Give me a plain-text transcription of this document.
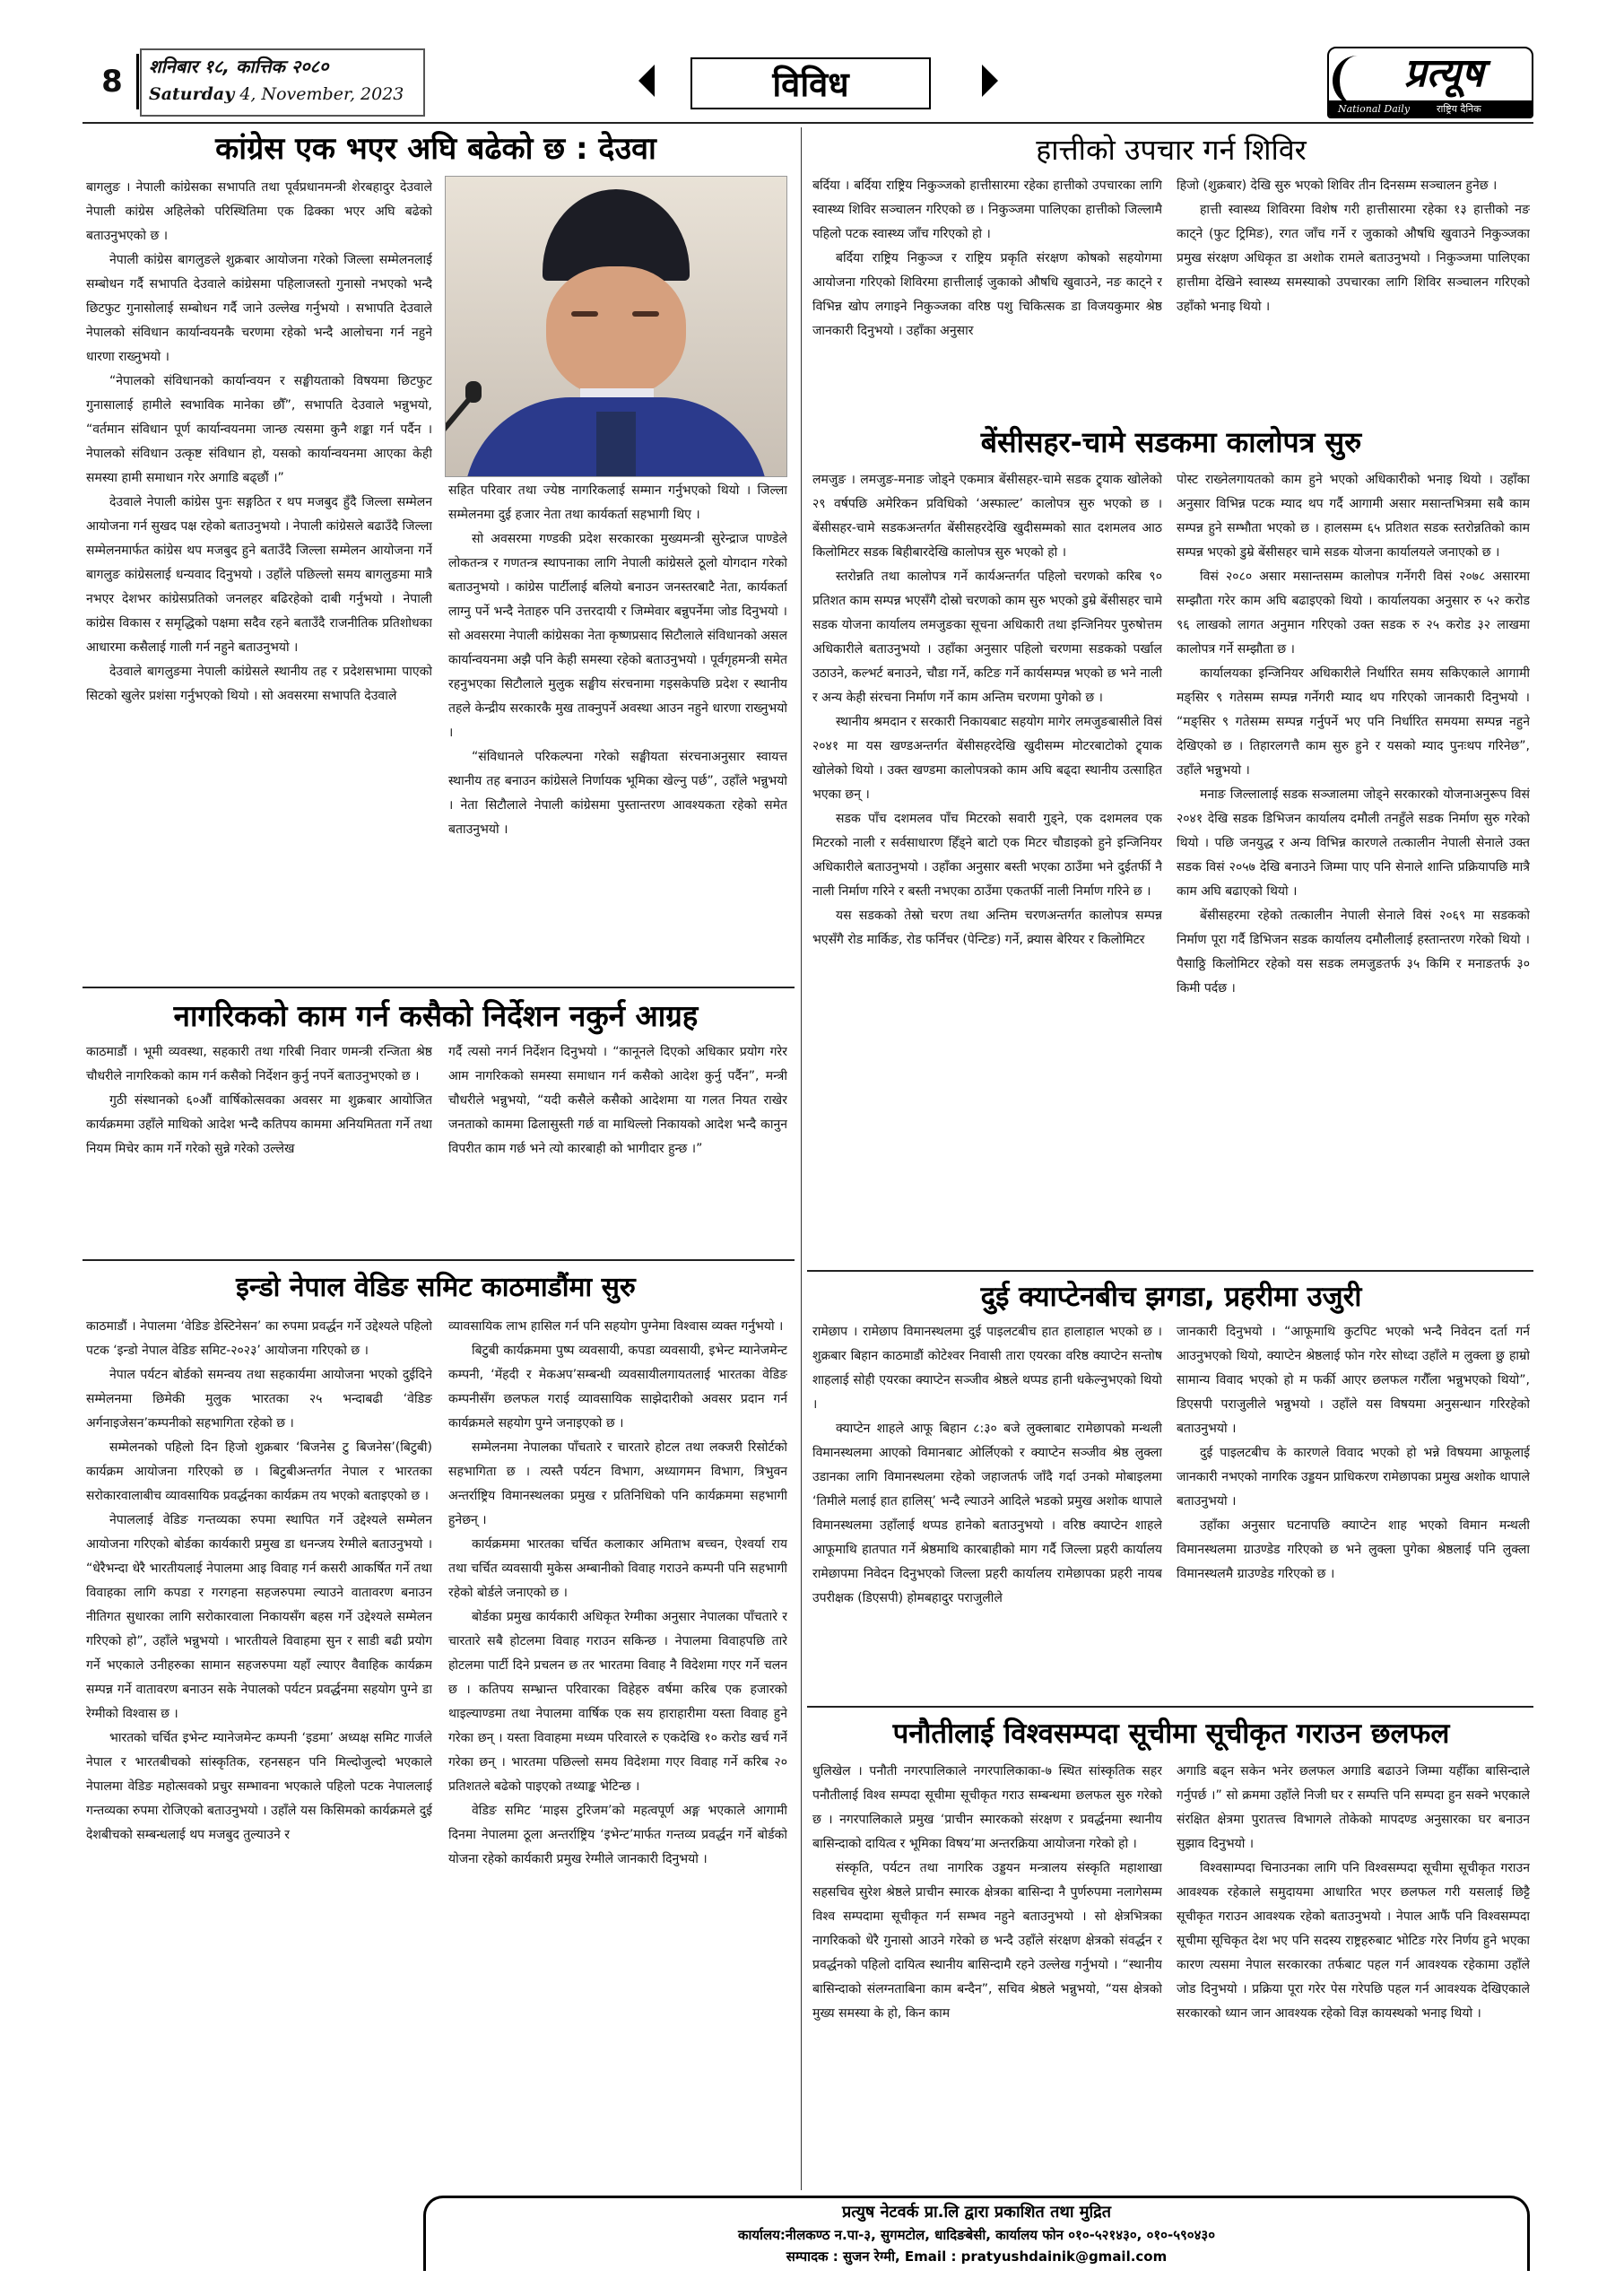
8	शनिबार १८, कात्तिक २०८०
Saturday 4, November, 2023	विविध	प्रत्यूष
National Daily	राष्ट्रिय दैनिक
कांग्रेस एक भएर अघि बढेको छ : देउवा

बागलुङ । नेपाली कांग्रेसका सभापति तथा पूर्वप्रधानमन्त्री शेरबहादुर देउवाले नेपाली कांग्रेस अहिलेको परिस्थितिमा एक ढिक्का भएर अघि बढेको बताउनुभएको छ ।

नेपाली कांग्रेस बागलुङले शुक्रबार आयोजना गरेको जिल्ला सम्मेलनलाई सम्बोधन गर्दै सभापति देउवाले कांग्रेसमा पहिलाजस्तो गुनासो नभएको भन्दै छिटफुट गुनासोलाई सम्बोधन गर्दै जाने उल्लेख गर्नुभयो । सभापति देउवाले नेपालको संविधान कार्यान्वयनकै चरणमा रहेको भन्दै आलोचना गर्न नहुने धारणा राख्नुभयो ।

“नेपालको संविधानको कार्यान्वयन र सङ्घीयताको विषयमा छिटफुट गुनासालाई हामीले स्वभाविक मानेका छौँ”, सभापति देउवाले भन्नुभयो, “वर्तमान संविधान पूर्ण कार्यान्वयनमा जान्छ त्यसमा कुनै शङ्का गर्न पर्दैन । नेपालको संविधान उत्कृष्ट संविधान हो, यसको कार्यान्वयनमा आएका केही समस्या हामी समाधान गरेर अगाडि बढ्छौं ।”

देउवाले नेपाली कांग्रेस पुनः सङ्गठित र थप मजबुद हुँदै जिल्ला सम्मेलन आयोजना गर्न सुखद पक्ष रहेको बताउनुभयो । नेपाली कांग्रेसले बढाउँदै जिल्ला सम्मेलनमार्फत कांग्रेस थप मजबुद हुने बताउँदै जिल्ला सम्मेलन आयोजना गर्ने बागलुङ कांग्रेसलाई धन्यवाद दिनुभयो । उहाँले पछिल्लो समय बागलुङमा मात्रै नभएर देशभर कांग्रेसप्रतिको जनलहर बढिरहेको दाबी गर्नुभयो । नेपाली कांग्रेस विकास र समृद्धिको पक्षमा सदैव रहने बताउँदै राजनीतिक प्रतिशोधका आधारमा कसैलाई गाली गर्न नहुने बताउनुभयो ।

देउवाले बागलुङमा नेपाली कांग्रेसले स्थानीय तह र प्रदेशसभामा पाएको सिटको खुलेर प्रशंसा गर्नुभएको थियो । सो अवसरमा सभापति देउवाले

सहित परिवार तथा ज्येष्ठ नागरिकलाई सम्मान गर्नुभएको थियो । जिल्ला सम्मेलनमा दुई हजार नेता तथा कार्यकर्ता सहभागी थिए ।

सो अवसरमा गण्डकी प्रदेश सरकारका मुख्यमन्त्री सुरेन्द्राज पाण्डेले लोकतन्त्र र गणतन्त्र स्थापनाका लागि नेपाली कांग्रेसले ठूलो योगदान गरेको बताउनुभयो । कांग्रेस पार्टीलाई बलियो बनाउन जनस्तरबाटै नेता, कार्यकर्ता लाग्नु पर्ने भन्दै नेताहरु पनि उत्तरदायी र जिम्मेवार बन्नुपर्नेमा जोड दिनुभयो । सो अवसरमा नेपाली कांग्रेसका नेता कृष्णप्रसाद सिटौलाले संविधानको असल कार्यान्वयनमा अझै पनि केही समस्या रहेको बताउनुभयो । पूर्वगृहमन्त्री समेत रहनुभएका सिटौलाले मुलुक सङ्घीय संरचनामा गइसकेपछि प्रदेश र स्थानीय तहले केन्द्रीय सरकारकै मुख ताक्नुपर्ने अवस्था आउन नहुने धारणा राख्नुभयो ।

“संविधानले परिकल्पना गरेको सङ्घीयता संरचनाअनुसार स्वायत्त स्थानीय तह बनाउन कांग्रेसले निर्णायक भूमिका खेल्नु पर्छ”, उहाँले भन्नुभयो । नेता सिटौलाले नेपाली कांग्रेसमा पुस्तान्तरण आवश्यकता रहेको समेत बताउनुभयो ।

नागरिकको काम गर्न कसैको निर्देशन नकुर्न आग्रह

काठमाडौं । भूमी व्यवस्था, सहकारी तथा गरिबी निवार णमन्त्री रन्जिता श्रेष्ठ चौधरीले नागरिकको काम गर्न कसैको निर्देशन कुर्नु नपर्ने बताउनुभएको छ ।

गुठी संस्थानको ६०औं वार्षिकोत्सवका अवसर मा शुक्रबार आयोजित कार्यक्रममा उहाँले माथिको आदेश भन्दै कतिपय काममा अनियमितता गर्ने तथा नियम मिचेर काम गर्ने गरेको सुन्ने गरेको उल्लेख

गर्दै त्यसो नगर्न निर्देशन दिनुभयो । “कानूनले दिएको अधिकार प्रयोग गरेर आम नागरिकको समस्या समाधान गर्न कसैको आदेश कुर्नु पर्दैन”, मन्त्री चौधरीले भन्नुभयो, “यदी कसैले कसैको आदेशमा या गलत नियत राखेर जनताको काममा ढिलासुस्ती गर्छ वा माथिल्लो निकायको आदेश भन्दै कानुन विपरीत काम गर्छ भने त्यो कारबाही को भागीदार हुन्छ ।”

इन्डो नेपाल वेडिङ समिट काठमाडौंमा सुरु

काठमाडौं । नेपालमा ‘वेडिङ डेस्टिनेसन’ का रुपमा प्रवर्द्धन गर्ने उद्देश्यले पहिलो पटक ‘इन्डो नेपाल वेडिङ समिट-२०२३’ आयोजना गरिएको छ ।

नेपाल पर्यटन बोर्डको समन्वय तथा सहकार्यमा आयोजना भएको दुईदिने सम्मेलनमा छिमेकी मुलुक भारतका २५ भन्दाबढी ‘वेडिङ अर्गनाइजेसन’कम्पनीको सहभागिता रहेको छ ।

सम्मेलनको पहिलो दिन हिजो शुक्रबार ‘बिजनेस टु बिजनेस’(बिटुबी) कार्यक्रम आयोजना गरिएको छ । बिटुबीअन्तर्गत नेपाल र भारतका सरोकारवालाबीच व्यावसायिक प्रवर्द्धनका कार्यक्रम तय भएको बताइएको छ ।

नेपाललाई वेडिङ गन्तव्यका रुपमा स्थापित गर्ने उद्देश्यले सम्मेलन आयोजना गरिएको बोर्डका कार्यकारी प्रमुख डा धनन्जय रेग्मीले बताउनुभयो । “धेरैभन्दा धेरै भारतीयलाई नेपालमा आइ विवाह गर्न कसरी आकर्षित गर्ने तथा विवाहका लागि कपडा र गरगहना सहजरुपमा ल्याउने वातावरण बनाउन नीतिगत सुधारका लागि सरोकारवाला निकायसँग बहस गर्ने उद्देश्यले सम्मेलन गरिएको हो”, उहाँले भन्नुभयो । भारतीयले विवाहमा सुन र साडी बढी प्रयोग गर्ने भएकाले उनीहरुका सामान सहजरुपमा यहाँ ल्याएर वैवाहिक कार्यक्रम सम्पन्न गर्ने वातावरण बनाउन सके नेपालको पर्यटन प्रवर्द्धनमा सहयोग पुग्ने डा रेग्मीको विश्वास छ ।

भारतको चर्चित इभेन्ट म्यानेजमेन्ट कम्पनी ‘इडमा’ अध्यक्ष समिट गार्जले नेपाल र भारतबीचको सांस्कृतिक, रहनसहन पनि मिल्दोजुल्दो भएकाले नेपालमा वेडिङ महोत्सवको प्रचुर सम्भावना भएकाले पहिलो पटक नेपाललाई गन्तव्यका रुपमा रोजिएको बताउनुभयो । उहाँले यस किसिमको कार्यक्रमले दुई देशबीचको सम्बन्धलाई थप मजबुद तुल्याउने र

व्यावसायिक लाभ हासिल गर्न पनि सहयोग पुग्नेमा विश्वास व्यक्त गर्नुभयो ।

बिटुबी कार्यक्रममा पुष्प व्यवसायी, कपडा व्यवसायी, इभेन्ट म्यानेजमेन्ट कम्पनी, ‘मेंहदी र मेकअप’सम्बन्धी व्यवसायीलगायतलाई भारतका वेडिङ कम्पनीसँग छलफल गराई व्यावसायिक साझेदारीको अवसर प्रदान गर्न कार्यक्रमले सहयोग पुग्ने जनाइएको छ ।

सम्मेलनमा नेपालका पाँचतारे र चारतारे होटल तथा लक्जरी रिसोर्टको सहभागिता छ । त्यस्तै पर्यटन विभाग, अध्यागमन विभाग, त्रिभुवन अन्तर्राष्ट्रिय विमानस्थलका प्रमुख र प्रतिनिधिको पनि कार्यक्रममा सहभागी हुनेछन् ।

कार्यक्रममा भारतका चर्चित कलाकार अमिताभ बच्चन, ऐश्वर्या राय तथा चर्चित व्यवसायी मुकेस अम्बानीको विवाह गराउने कम्पनी पनि सहभागी रहेको बोर्डले जनाएको छ ।

बोर्डका प्रमुख कार्यकारी अधिकृत रेग्मीका अनुसार नेपालका पाँचतारे र चारतारे सबै होटलमा विवाह गराउन सकिन्छ । नेपालमा विवाहपछि तारे होटलमा पार्टी दिने प्रचलन छ तर भारतमा विवाह नै विदेशमा गएर गर्ने चलन छ । कतिपय सम्भ्रान्त परिवारका विहेहरु वर्षमा करिब एक हजारको थाइल्याण्डमा तथा नेपालमा वार्षिक एक सय हाराहारीमा यस्ता विवाह हुने गरेका छन् । यस्ता विवाहमा मध्यम परिवारले रु एकदेखि १० करोड खर्च गर्ने गरेका छन् । भारतमा पछिल्लो समय विदेशमा गएर विवाह गर्ने करिब २० प्रतिशतले बढेको पाइएको तथ्याङ्क भेटिन्छ ।

वेडिङ समिट ‘माइस टुरिजम’को महत्वपूर्ण अङ्ग भएकाले आगामी दिनमा नेपालमा ठूला अन्तर्राष्ट्रिय ‘इभेन्ट’मार्फत गन्तव्य प्रवर्द्धन गर्ने बोर्डको योजना रहेको कार्यकारी प्रमुख रेग्मीले जानकारी दिनुभयो ।

हात्तीको उपचार गर्न शिविर

बर्दिया । बर्दिया राष्ट्रिय निकुञ्जको हात्तीसारमा रहेका हात्तीको उपचारका लागि स्वास्थ्य शिविर सञ्चालन गरिएको छ । निकुञ्जमा पालिएका हात्तीको जिल्लामै पहिलो पटक स्वास्थ्य जाँच गरिएको हो ।

बर्दिया राष्ट्रिय निकुञ्ज र राष्ट्रिय प्रकृति संरक्षण कोषको सहयोगमा आयोजना गरिएको शिविरमा हात्तीलाई जुकाको औषधि खुवाउने, नङ काट्ने र विभिन्न खोप लगाइने निकुञ्जका वरिष्ठ पशु चिकित्सक डा विजयकुमार श्रेष्ठ जानकारी दिनुभयो । उहाँका अनुसार

हिजो (शुक्रबार) देखि सुरु भएको शिविर तीन दिनसम्म सञ्चालन हुनेछ ।

हात्ती स्वास्थ्य शिविरमा विशेष गरी हात्तीसारमा रहेका १३ हात्तीको नङ काट्ने (फुट ट्रिमिङ), रगत जाँच गर्ने र जुकाको औषधि खुवाउने निकुञ्जका प्रमुख संरक्षण अधिकृत डा अशोक रामले बताउनुभयो । निकुञ्जमा पालिएका हात्तीमा देखिने स्वास्थ्य समस्याको उपचारका लागि शिविर सञ्चालन गरिएको उहाँको भनाइ थियो ।

बेंसीसहर-चामे सडकमा कालोपत्र सुरु

लमजुङ । लमजुङ-मनाङ जोड्ने एकमात्र बेंसीसहर-चामे सडक ट्र्याक खोलेको २९ वर्षपछि अमेरिकन प्रविधिको ‘अस्फाल्ट’ कालोपत्र सुरु भएको छ । बेंसीसहर-चामे सडकअन्तर्गत बेंसीसहरदेखि खुदीसम्मको सात दशमलव आठ किलोमिटर सडक बिहीबारदेखि कालोपत्र सुरु भएको हो ।

स्तरोन्नति तथा कालोपत्र गर्ने कार्यअन्तर्गत पहिलो चरणको करिब ९० प्रतिशत काम सम्पन्न भएसँगै दोस्रो चरणको काम सुरु भएको डुम्रे बेंसीसहर चामे सडक योजना कार्यालय लमजुङका सूचना अधिकारी तथा इन्जिनियर पुरुषोत्तम अधिकारीले बताउनुभयो । उहाँका अनुसार पहिलो चरणमा सडकको पर्खाल उठाउने, कल्भर्ट बनाउने, चौडा गर्ने, कटिङ गर्ने कार्यसम्पन्न भएको छ भने नाली र अन्य केही संरचना निर्माण गर्ने काम अन्तिम चरणमा पुगेको छ ।

स्थानीय श्रमदान र सरकारी निकायबाट सहयोग मागेर लमजुङबासीले विसं २०४१ मा यस खण्डअन्तर्गत बेंसीसहरदेखि खुदीसम्म मोटरबाटोको ट्र्याक खोलेको थियो । उक्त खण्डमा कालोपत्रको काम अघि बढ्दा स्थानीय उत्साहित भएका छन् ।

सडक पाँच दशमलव पाँच मिटरको सवारी गुड्ने, एक दशमलव एक मिटरको नाली र सर्वसाधारण हिँड्ने बाटो एक मिटर चौडाइको हुने इन्जिनियर अधिकारीले बताउनुभयो । उहाँका अनुसार बस्ती भएका ठाउँमा भने दुईतर्फी नै नाली निर्माण गरिने र बस्ती नभएका ठाउँमा एकतर्फी नाली निर्माण गरिने छ ।

यस सडकको तेस्रो चरण तथा अन्तिम चरणअन्तर्गत कालोपत्र सम्पन्न भएसँगै रोड मार्किङ, रोड फर्निचर (पेन्टिङ) गर्ने, क्र्यास बेरियर र किलोमिटर

पोस्ट राख्नेलगायतको काम हुने भएको अधिकारीको भनाइ थियो । उहाँका अनुसार विभिन्न पटक म्याद थप गर्दै आगामी असार मसान्तभित्रमा सबै काम सम्पन्न हुने सम्भौता भएको छ । हालसम्म ६५ प्रतिशत सडक स्तरोन्नतिको काम सम्पन्न भएको डुम्रे बेंसीसहर चामे सडक योजना कार्यालयले जनाएको छ ।

विसं २०८० असार मसान्तसम्म कालोपत्र गर्नेगरी विसं २०७८ असारमा सम्झौता गरेर काम अघि बढाइएको थियो । कार्यालयका अनुसार रु ५२ करोड ९६ लाखको लागत अनुमान गरिएको उक्त सडक रु २५ करोड ३२ लाखमा कालोपत्र गर्ने सम्झौता छ ।

कार्यालयका इन्जिनियर अधिकारीले निर्धारित समय सकिएकाले आगामी मङ्सिर ९ गतेसम्म सम्पन्न गर्नेगरी म्याद थप गरिएको जानकारी दिनुभयो । “मङ्सिर ९ गतेसम्म सम्पन्न गर्नुपर्ने भए पनि निर्धारित समयमा सम्पन्न नहुने देखिएको छ । तिहारलगत्तै काम सुरु हुने र यसको म्याद पुनःथप गरिनेछ”, उहाँले भन्नुभयो ।

मनाङ जिल्लालाई सडक सञ्जालमा जोड्ने सरकारको योजनाअनुरूप विसं २०४१ देखि सडक डिभिजन कार्यालय दमौली तनहुँले सडक निर्माण सुरु गरेको थियो । पछि जनयुद्ध र अन्य विभिन्न कारणले तत्कालीन नेपाली सेनाले उक्त सडक विसं २०५७ देखि बनाउने जिम्मा पाए पनि सेनाले शान्ति प्रक्रियापछि मात्रै काम अघि बढाएको थियो ।

बेंसीसहरमा रहेको तत्कालीन नेपाली सेनाले विसं २०६९ मा सडकको निर्माण पूरा गर्दै डिभिजन सडक कार्यालय दमौलीलाई हस्तान्तरण गरेको थियो । पैसाठ्ठि किलोमिटर रहेको यस सडक लमजुङतर्फ ३५ किमि र मनाङतर्फ ३० किमी पर्दछ ।

दुई क्याप्टेनबीच झगडा, प्रहरीमा उजुरी

रामेछाप । रामेछाप विमानस्थलमा दुई पाइलटबीच हात हालाहाल भएको छ । शुक्रबार बिहान काठमाडौं कोटेश्वर निवासी तारा एयरका वरिष्ठ क्याप्टेन सन्तोष शाहलाई सोही एयरका क्याप्टेन सञ्जीव श्रेष्ठले थप्पड हानी धकेल्नुभएको थियो ।

क्याप्टेन शाहले आफू बिहान ८:३० बजे लुक्लाबाट रामेछापको मन्थली विमानस्थलमा आएको विमानबाट ओर्लिएको र क्याप्टेन सञ्जीव श्रेष्ठ लुक्ला उडानका लागि विमानस्थलमा रहेको जहाजतर्फ जाँदै गर्दा उनको मोबाइलमा ‘तिमीले मलाई हात हालिस्’ भन्दै ल्याउने आदिले भडको प्रमुख अशोक थापाले विमानस्थलमा उहाँलाई थप्पड हानेको बताउनुभयो । वरिष्ठ क्याप्टेन शाहले आफूमाथि हातपात गर्ने श्रेष्ठमाथि कारबाहीको माग गर्दै जिल्ला प्रहरी कार्यालय रामेछापमा निवेदन दिनुभएको जिल्ला प्रहरी कार्यालय रामेछापका प्रहरी नायब उपरीक्षक (डिएसपी) होमबहादुर पराजुलीले

जानकारी दिनुभयो । “आफूमाथि कुटपिट भएको भन्दै निवेदन दर्ता गर्न आउनुभएको थियो, क्याप्टेन श्रेष्ठलाई फोन गरेर सोध्दा उहाँले म लुक्ला छु हाम्रो सामान्य विवाद भएको हो म फर्की आएर छलफल गरौँला भन्नुभएको थियो”, डिएसपी पराजुलीले भन्नुभयो । उहाँले यस विषयमा अनुसन्धान गरिरहेको बताउनुभयो ।

दुई पाइलटबीच के कारणले विवाद भएको हो भन्ने विषयमा आफूलाई जानकारी नभएको नागरिक उड्डयन प्राधिकरण रामेछापका प्रमुख अशोक थापाले बताउनुभयो ।

उहाँका अनुसार घटनापछि क्याप्टेन शाह भएको विमान मन्थली विमानस्थलमा ग्राउण्डेड गरिएको छ भने लुक्ला पुगेका श्रेष्ठलाई पनि लुक्ला विमानस्थलमै ग्राउण्डेड गरिएको छ ।

पनौतीलाई विश्वसम्पदा सूचीमा सूचीकृत गराउन छलफल

धुलिखेल । पनौती नगरपालिकाले नगरपालिकाका-७ स्थित सांस्कृतिक सहर पनौतीलाई विश्व सम्पदा सूचीमा सूचीकृत गराउ सम्बन्धमा छलफल सुरु गरेको छ । नगरपालिकाले प्रमुख ‘प्राचीन स्मारकको संरक्षण र प्रवर्द्धनमा स्थानीय बासिन्दाको दायित्व र भूमिका विषय’मा अन्तरक्रिया आयोजना गरेको हो ।

संस्कृति, पर्यटन तथा नागरिक उड्डयन मन्त्रालय संस्कृति महाशाखा सहसचिव सुरेश श्रेष्ठले प्राचीन स्मारक क्षेत्रका बासिन्दा नै पुर्णरुपमा नलागेसम्म विश्व सम्पदामा सूचीकृत गर्न सम्भव नहुने बताउनुभयो । सो क्षेत्रभित्रका नागरिकको धेरै गुनासो आउने गरेको छ भन्दै उहाँले संरक्षण क्षेत्रको संवर्द्धन र प्रवर्द्धनको पहिलो दायित्व स्थानीय बासिन्दामै रहने उल्लेख गर्नुभयो । “स्थानीय बासिन्दाको संलग्नताबिना काम बन्दैन”, सचिव श्रेष्ठले भन्नुभयो, “यस क्षेत्रको मुख्य समस्या के हो, किन काम

अगाडि बढ्न सकेन भनेर छलफल अगाडि बढाउने जिम्मा यहीँका बासिन्दाले गर्नुपर्छ ।” सो क्रममा उहाँले निजी घर र सम्पत्ति पनि सम्पदा हुन सक्ने भएकाले संरक्षित क्षेत्रमा पुरातत्त्व विभागले तोकेको मापदण्ड अनुसारका घर बनाउन सुझाव दिनुभयो ।

विश्वसाम्पदा चिनाउनका लागि पनि विश्वसम्पदा सूचीमा सूचीकृत गराउन आवश्यक रहेकाले समुदायमा आधारित भएर छलफल गरी यसलाई छिट्टै सूचीकृत गराउन आवश्यक रहेको बताउनुभयो । नेपाल आफैं पनि विश्वसम्पदा सूचीमा सूचिकृत देश भए पनि सदस्य राष्ट्रहरुबाट भोटिङ गरेर निर्णय हुने भएका कारण त्यसमा नेपाल सरकारका तर्फबाट पहल गर्न आवश्यक रहेकामा उहाँले जोड दिनुभयो । प्रक्रिया पूरा गरेर पेस गरेपछि पहल गर्न आवश्यक देखिएकाले सरकारको ध्यान जान आवश्यक रहेको विज्ञ कायस्थको भनाइ थियो ।

प्रत्युष नेटवर्क प्रा.लि द्वारा प्रकाशित तथा मुद्रित
कार्यालय:नीलकण्ठ न.पा-३, सुगमटोल, धादिङबेसी, कार्यालय फोन ०१०-५२१४३०, ०१०-५९०४३०
सम्पादक : सुजन रेग्मी, Email : pratyushdainik@gmail.com
